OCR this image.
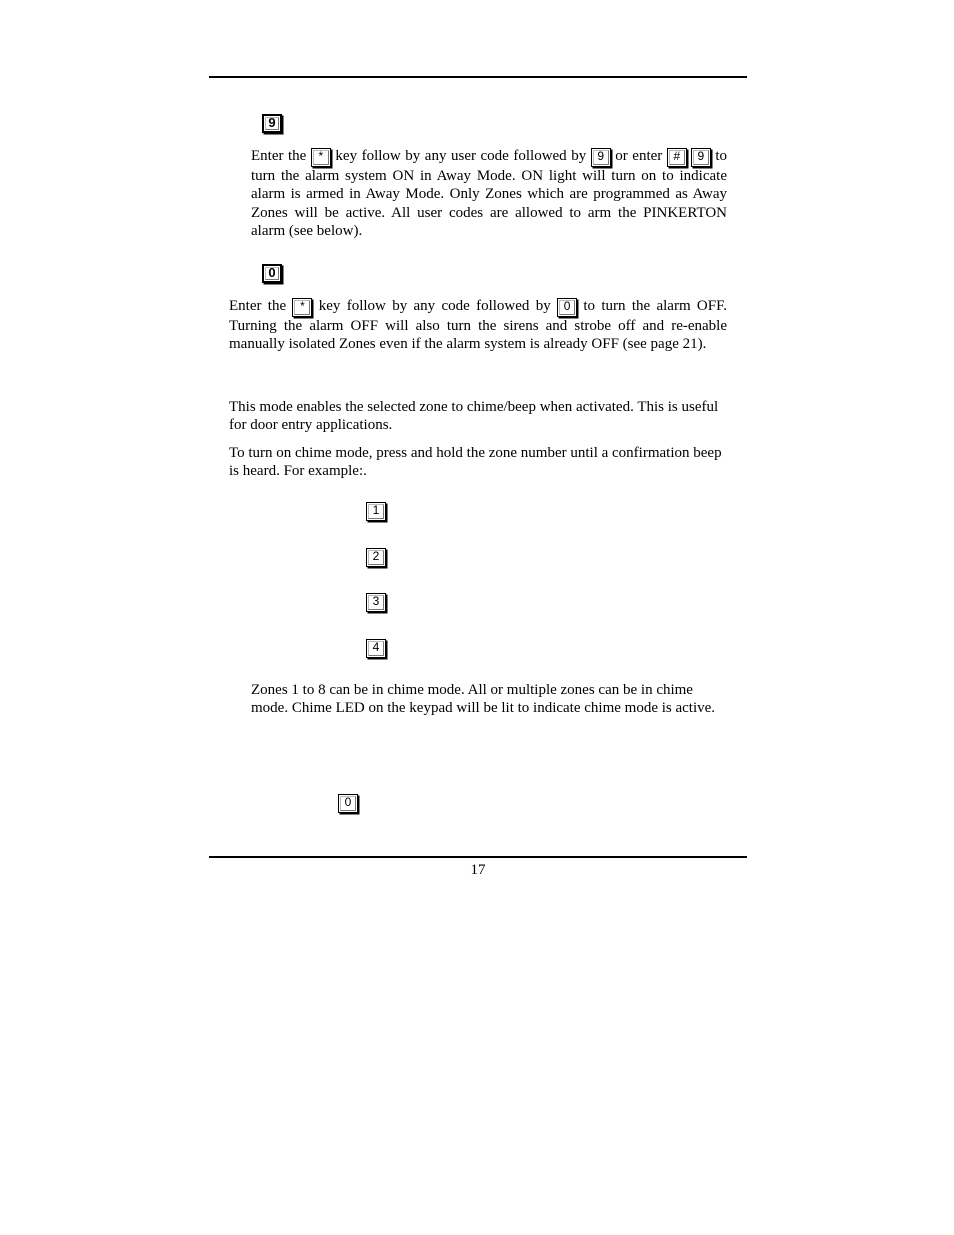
9

Enter the * key follow by any user code followed by 9 or enter # 9 to turn the alarm system ON in Away Mode. ON light will turn on to indicate alarm is armed in Away Mode. Only Zones which are programmed as Away Zones will be active. All user codes are allowed to arm the PINKERTON alarm (see below).

0

Enter the * key follow by any code followed by 0 to turn the alarm OFF. Turning the alarm OFF will also turn the sirens and strobe off and re-enable manually isolated Zones even if the alarm system is already OFF (see page 21).

This mode enables the selected zone to chime/beep when activated. This is useful for door entry applications.

To turn on chime mode, press and hold the zone number until a confirmation beep is heard. For example:.

1
2
3
4

Zones 1 to 8 can be in chime mode. All or multiple zones can be in chime mode. Chime LED on the keypad will be lit to indicate chime mode is active.

0
17
